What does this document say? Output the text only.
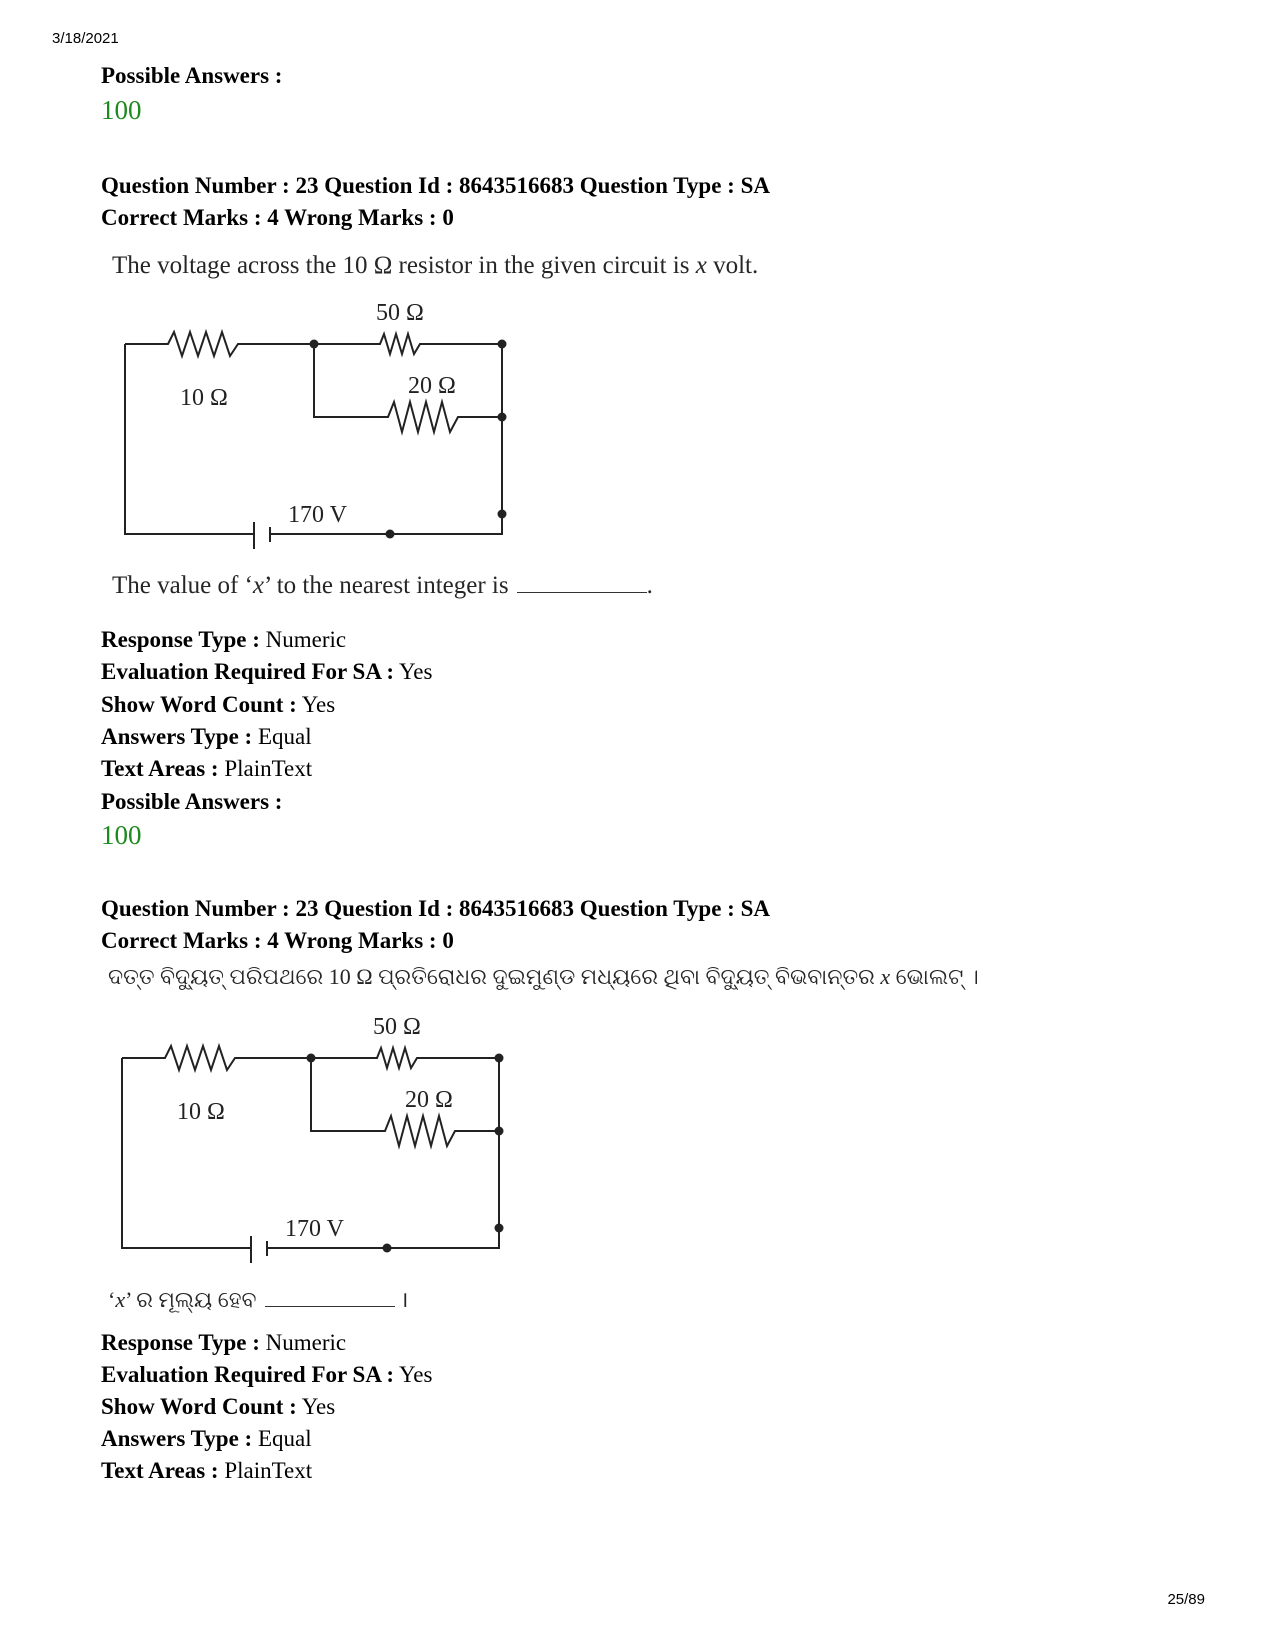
3/18/2021
Possible Answers :
100
Question Number : 23 Question Id : 8643516683 Question Type : SA
Correct Marks : 4 Wrong Marks : 0
The voltage across the 10 Ω resistor in the given circuit is x volt.
50 Ω
20 Ω
10 Ω
170 V
The value of ‘x’ to the nearest integer is	.
Response Type : Numeric
Evaluation Required For SA : Yes
Show Word Count : Yes
Answers Type : Equal
Text Areas : PlainText
Possible Answers :
100
Question Number : 23 Question Id : 8643516683 Question Type : SA
Correct Marks : 4 Wrong Marks : 0
ଦତ୍ତ ବିଦ୍ୟୁତ୍ ପରିପଥରେ 10 Ω ପ୍ରତିରୋଧର ଦୁଇମୁଣ୍ଡ ମଧ୍ୟରେ ଥିବା ବିଦ୍ୟୁତ୍ ବିଭବାନ୍ତର x ଭୋଲଟ୍ ।
50 Ω
20 Ω
10 Ω
170 V
‘x’ ର ମୂଲ୍ୟ ହେବ	।
Response Type : Numeric
Evaluation Required For SA : Yes
Show Word Count : Yes
Answers Type : Equal
Text Areas : PlainText
25/89
